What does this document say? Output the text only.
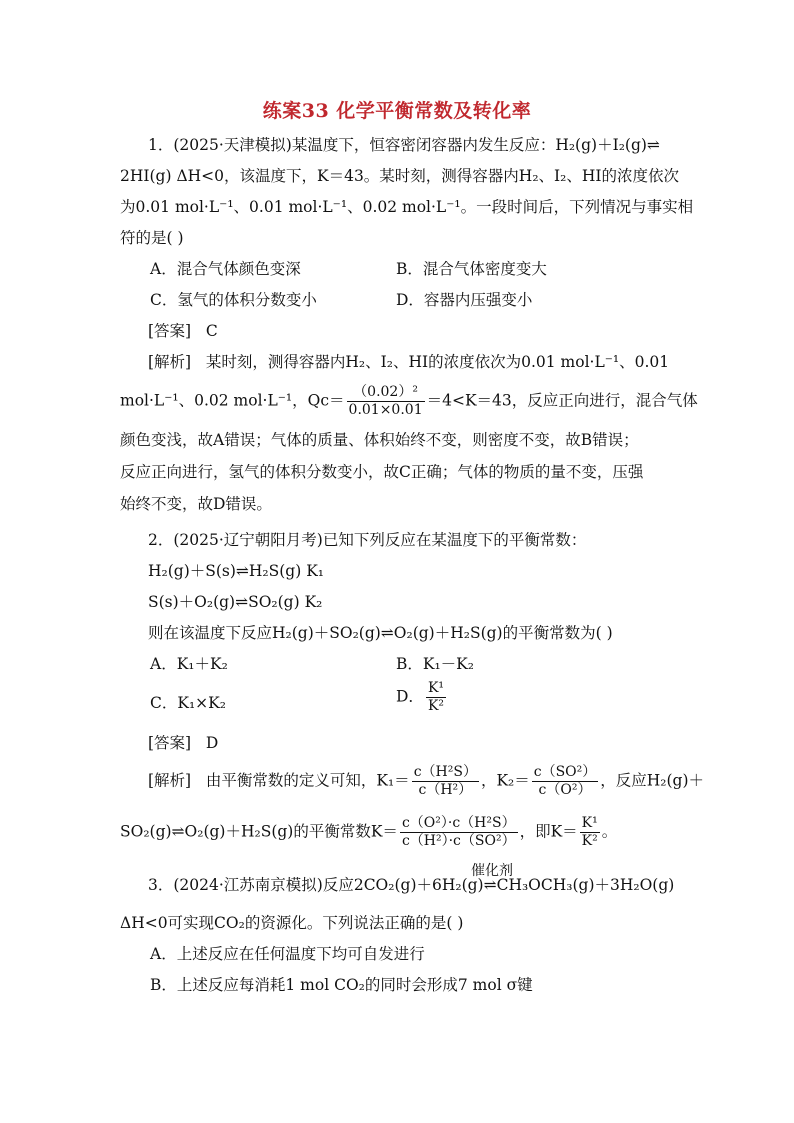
练案33 化学平衡常数及转化率
1．(2025·天津模拟)某温度下，恒容密闭容器内发生反应：H₂(g)＋I₂(g)⇌
2HI(g) ΔH<0，该温度下，K＝43。某时刻，测得容器内H₂、I₂、HI的浓度依次
为0.01 mol·L⁻¹、0.01 mol·L⁻¹、0.02 mol·L⁻¹。一段时间后，下列情况与事实相
符的是( )
A．混合气体颜色变深	B．混合气体密度变大
C．氢气的体积分数变小	D．容器内压强变小
[答案] C
[解析] 某时刻，测得容器内H₂、I₂、HI的浓度依次为0.01 mol·L⁻¹、0.01
mol·L⁻¹、0.02 mol·L⁻¹，$Qc= \frac{\text{（0.02）²}}{0.01\times 0.01} =4<K=43$，反应正向进行，混合气体
颜色变浅，故A错误；气体的质量、体积始终不变，则密度不变，故B错误；
反应正向进行，氢气的体积分数变小，故C正确；气体的物质的量不变，压强
始终不变，故D错误。
2．(2025·辽宁朝阳月考)已知下列反应在某温度下的平衡常数：
H₂(g)＋S(s)⇌H₂S(g) K₁
S(s)＋O₂(g)⇌SO₂(g) K₂
则在该温度下反应H₂(g)＋SO₂(g)⇌O₂(g)＋H₂S(g)的平衡常数为( )
A．K₁＋K₂	B．K₁－K₂
C．K₁×K₂	D． $\frac{\text{K¹}}{\text{K²}}$
[答案] D
[解析] 由平衡常数的定义可知，$K_1= \frac{\text{c（H²S）}}{\text{c（H²）}}$ ，$K_2= \frac{\text{c（SO²）}}{\text{c（O²）}}$ ，反应H₂(g)＋
SO₂(g)⇌O₂(g)＋H₂S(g)的平衡常数$K= \frac{\text{c（O²）·c（H²S）}}{\text{c（H²）·c（SO²）}}$ ，即$K= \frac{\text{K¹}}{\text{K²}}$ 。
催化剂
3．(2024·江苏南京模拟)反应2CO₂(g)＋6H₂(g)⇌CH₃OCH₃(g)＋3H₂O(g)
ΔH<0可实现CO₂的资源化。下列说法正确的是( )
A．上述反应在任何温度下均可自发进行
B．上述反应每消耗1 mol CO₂的同时会形成7 mol σ键
